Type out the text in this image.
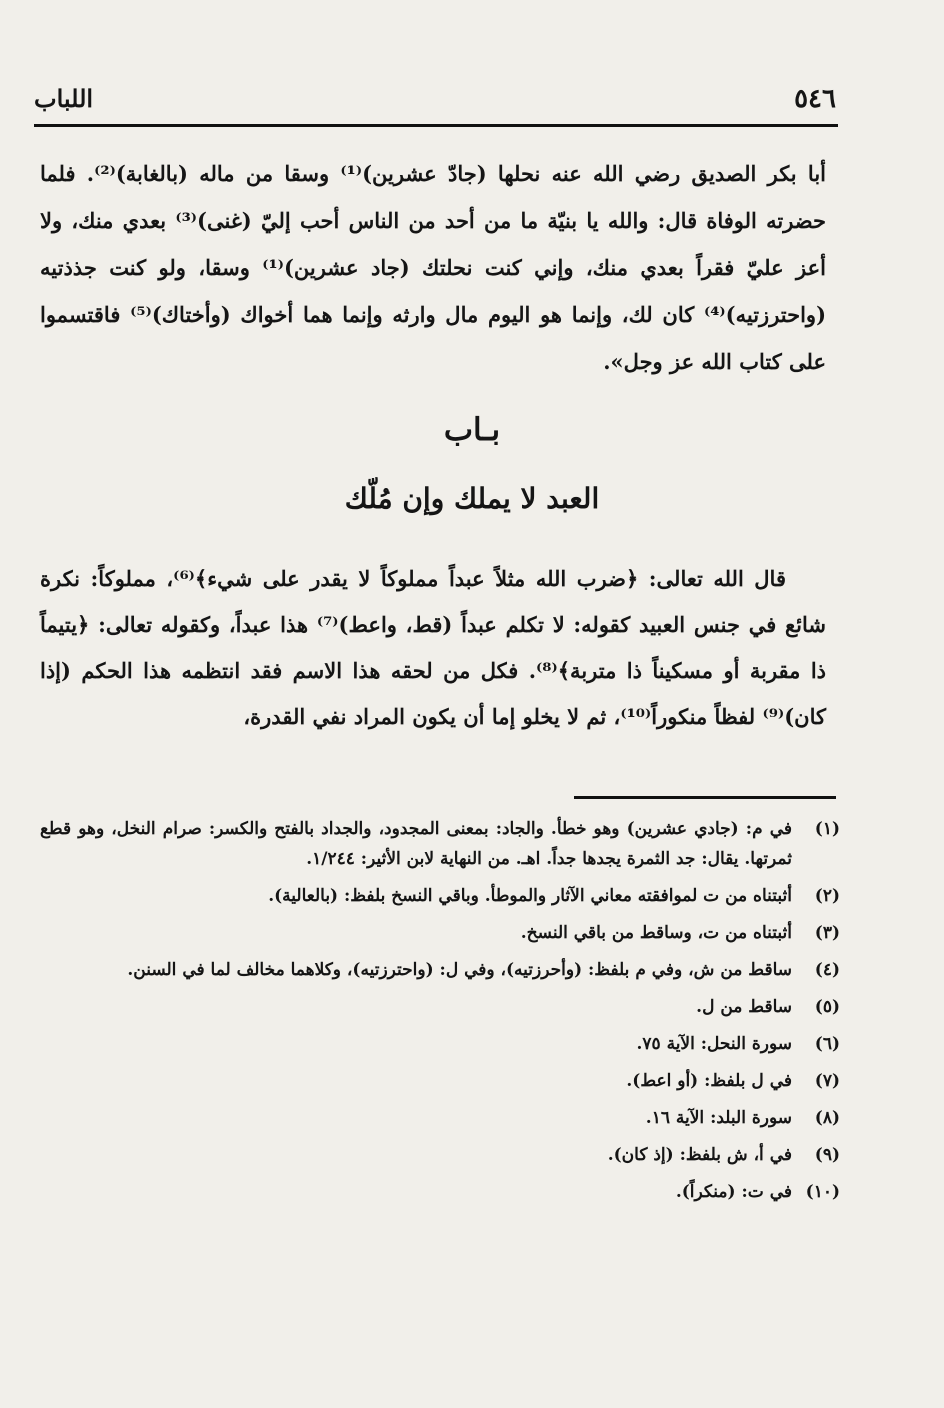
٥٤٦
اللباب

أبا بكر الصديق رضي الله عنه نحلها (جادّ عشرين)⁽¹⁾ وسقا من ماله (بالغابة)⁽²⁾. فلما حضرته الوفاة قال: والله يا بنيّة ما من أحد من الناس أحب إليّ (غنى)⁽³⁾ بعدي منك، ولا أعز عليّ فقراً بعدي منك، وإني كنت نحلتك (جاد عشرين)⁽¹⁾ وسقا، ولو كنت جذذتيه (واحترزتيه)⁽⁴⁾ كان لك، وإنما هو اليوم مال وارثه وإنما هما أخواك (وأختاك)⁽⁵⁾ فاقتسموا على كتاب الله عز وجل».

بـاب
العبد لا يملك وإن مُلّك

قال الله تعالى: ﴿ضرب الله مثلاً عبداً مملوكاً لا يقدر على شيء﴾⁽⁶⁾، مملوكاً: نكرة شائع في جنس العبيد كقوله: لا تكلم عبداً (قط، واعط)⁽⁷⁾ هذا عبداً، وكقوله تعالى: ﴿يتيماً ذا مقربة أو مسكيناً ذا متربة﴾⁽⁸⁾. فكل من لحقه هذا الاسم فقد انتظمه هذا الحكم (إذا كان)⁽⁹⁾ لفظاً منكوراً⁽¹⁰⁾، ثم لا يخلو إما أن يكون المراد نفي القدرة،

(١)
في م: (جادي عشرين) وهو خطأ. والجاد: بمعنى المجدود، والجداد بالفتح والكسر: صرام النخل، وهو قطع ثمرتها. يقال: جد الثمرة يجدها جداً. اهـ. من النهاية لابن الأثير: ١/٢٤٤.
(٢)
أثبتناه من ت لموافقته معاني الآثار والموطأ. وباقي النسخ بلفظ: (بالعالية).
(٣)
أثبتناه من ت، وساقط من باقي النسخ.
(٤)
ساقط من ش، وفي م بلفظ: (وأحرزتيه)، وفي ل: (واحترزتيه)، وكلاهما مخالف لما في السنن.
(٥)
ساقط من ل.
(٦)
سورة النحل: الآية ٧٥.
(٧)
في ل بلفظ: (أو اعط).
(٨)
سورة البلد: الآية ١٦.
(٩)
في أ، ش بلفظ: (إذ كان).
(١٠)
في ت: (منكراً).
